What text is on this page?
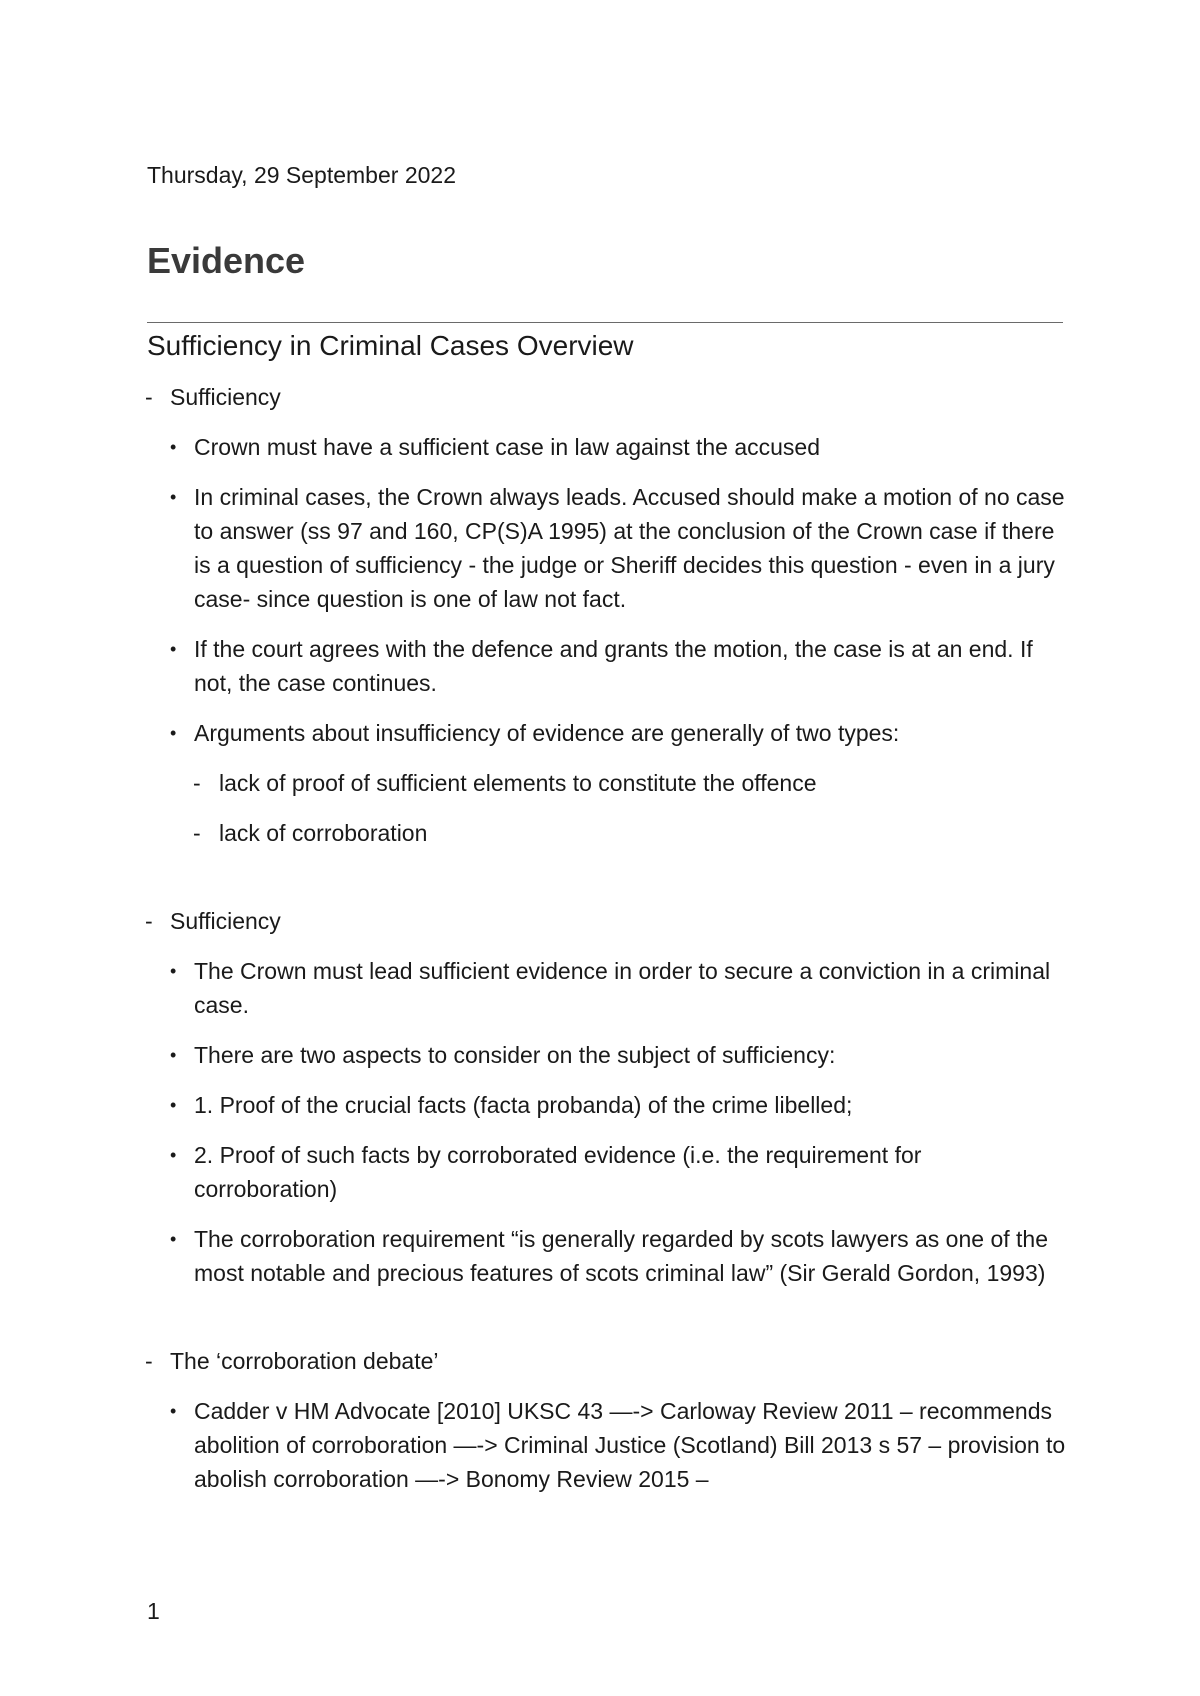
Thursday, 29 September 2022
Evidence
Sufficiency in Criminal Cases Overview
- Sufficiency
• Crown must have a sufficient case in law against the accused
• In criminal cases, the Crown always leads. Accused should make a motion of no case to answer (ss 97 and 160, CP(S)A 1995) at the conclusion of the Crown case if there is a question of sufficiency - the judge or Sheriff decides this question - even in a jury case- since question is one of law not fact.
• If the court agrees with the defence and grants the motion, the case is at an end. If not, the case continues.
• Arguments about insufficiency of evidence are generally of two types:
- lack of proof of sufficient elements to constitute the offence
- lack of corroboration
- Sufficiency
• The Crown must lead sufficient evidence in order to secure a conviction in a criminal case.
• There are two aspects to consider on the subject of sufficiency:
• 1. Proof of the crucial facts (facta probanda) of the crime libelled;
• 2. Proof of such facts by corroborated evidence (i.e. the requirement for corroboration)
• The corroboration requirement “is generally regarded by scots lawyers as one of the most notable and precious features of scots criminal law” (Sir Gerald Gordon, 1993)
- The ‘corroboration debate’
• Cadder v HM Advocate [2010] UKSC 43 —-> Carloway Review 2011 – recommends abolition of corroboration —-> Criminal Justice (Scotland) Bill 2013 s 57 – provision to abolish corroboration —-> Bonomy Review 2015 –
1
